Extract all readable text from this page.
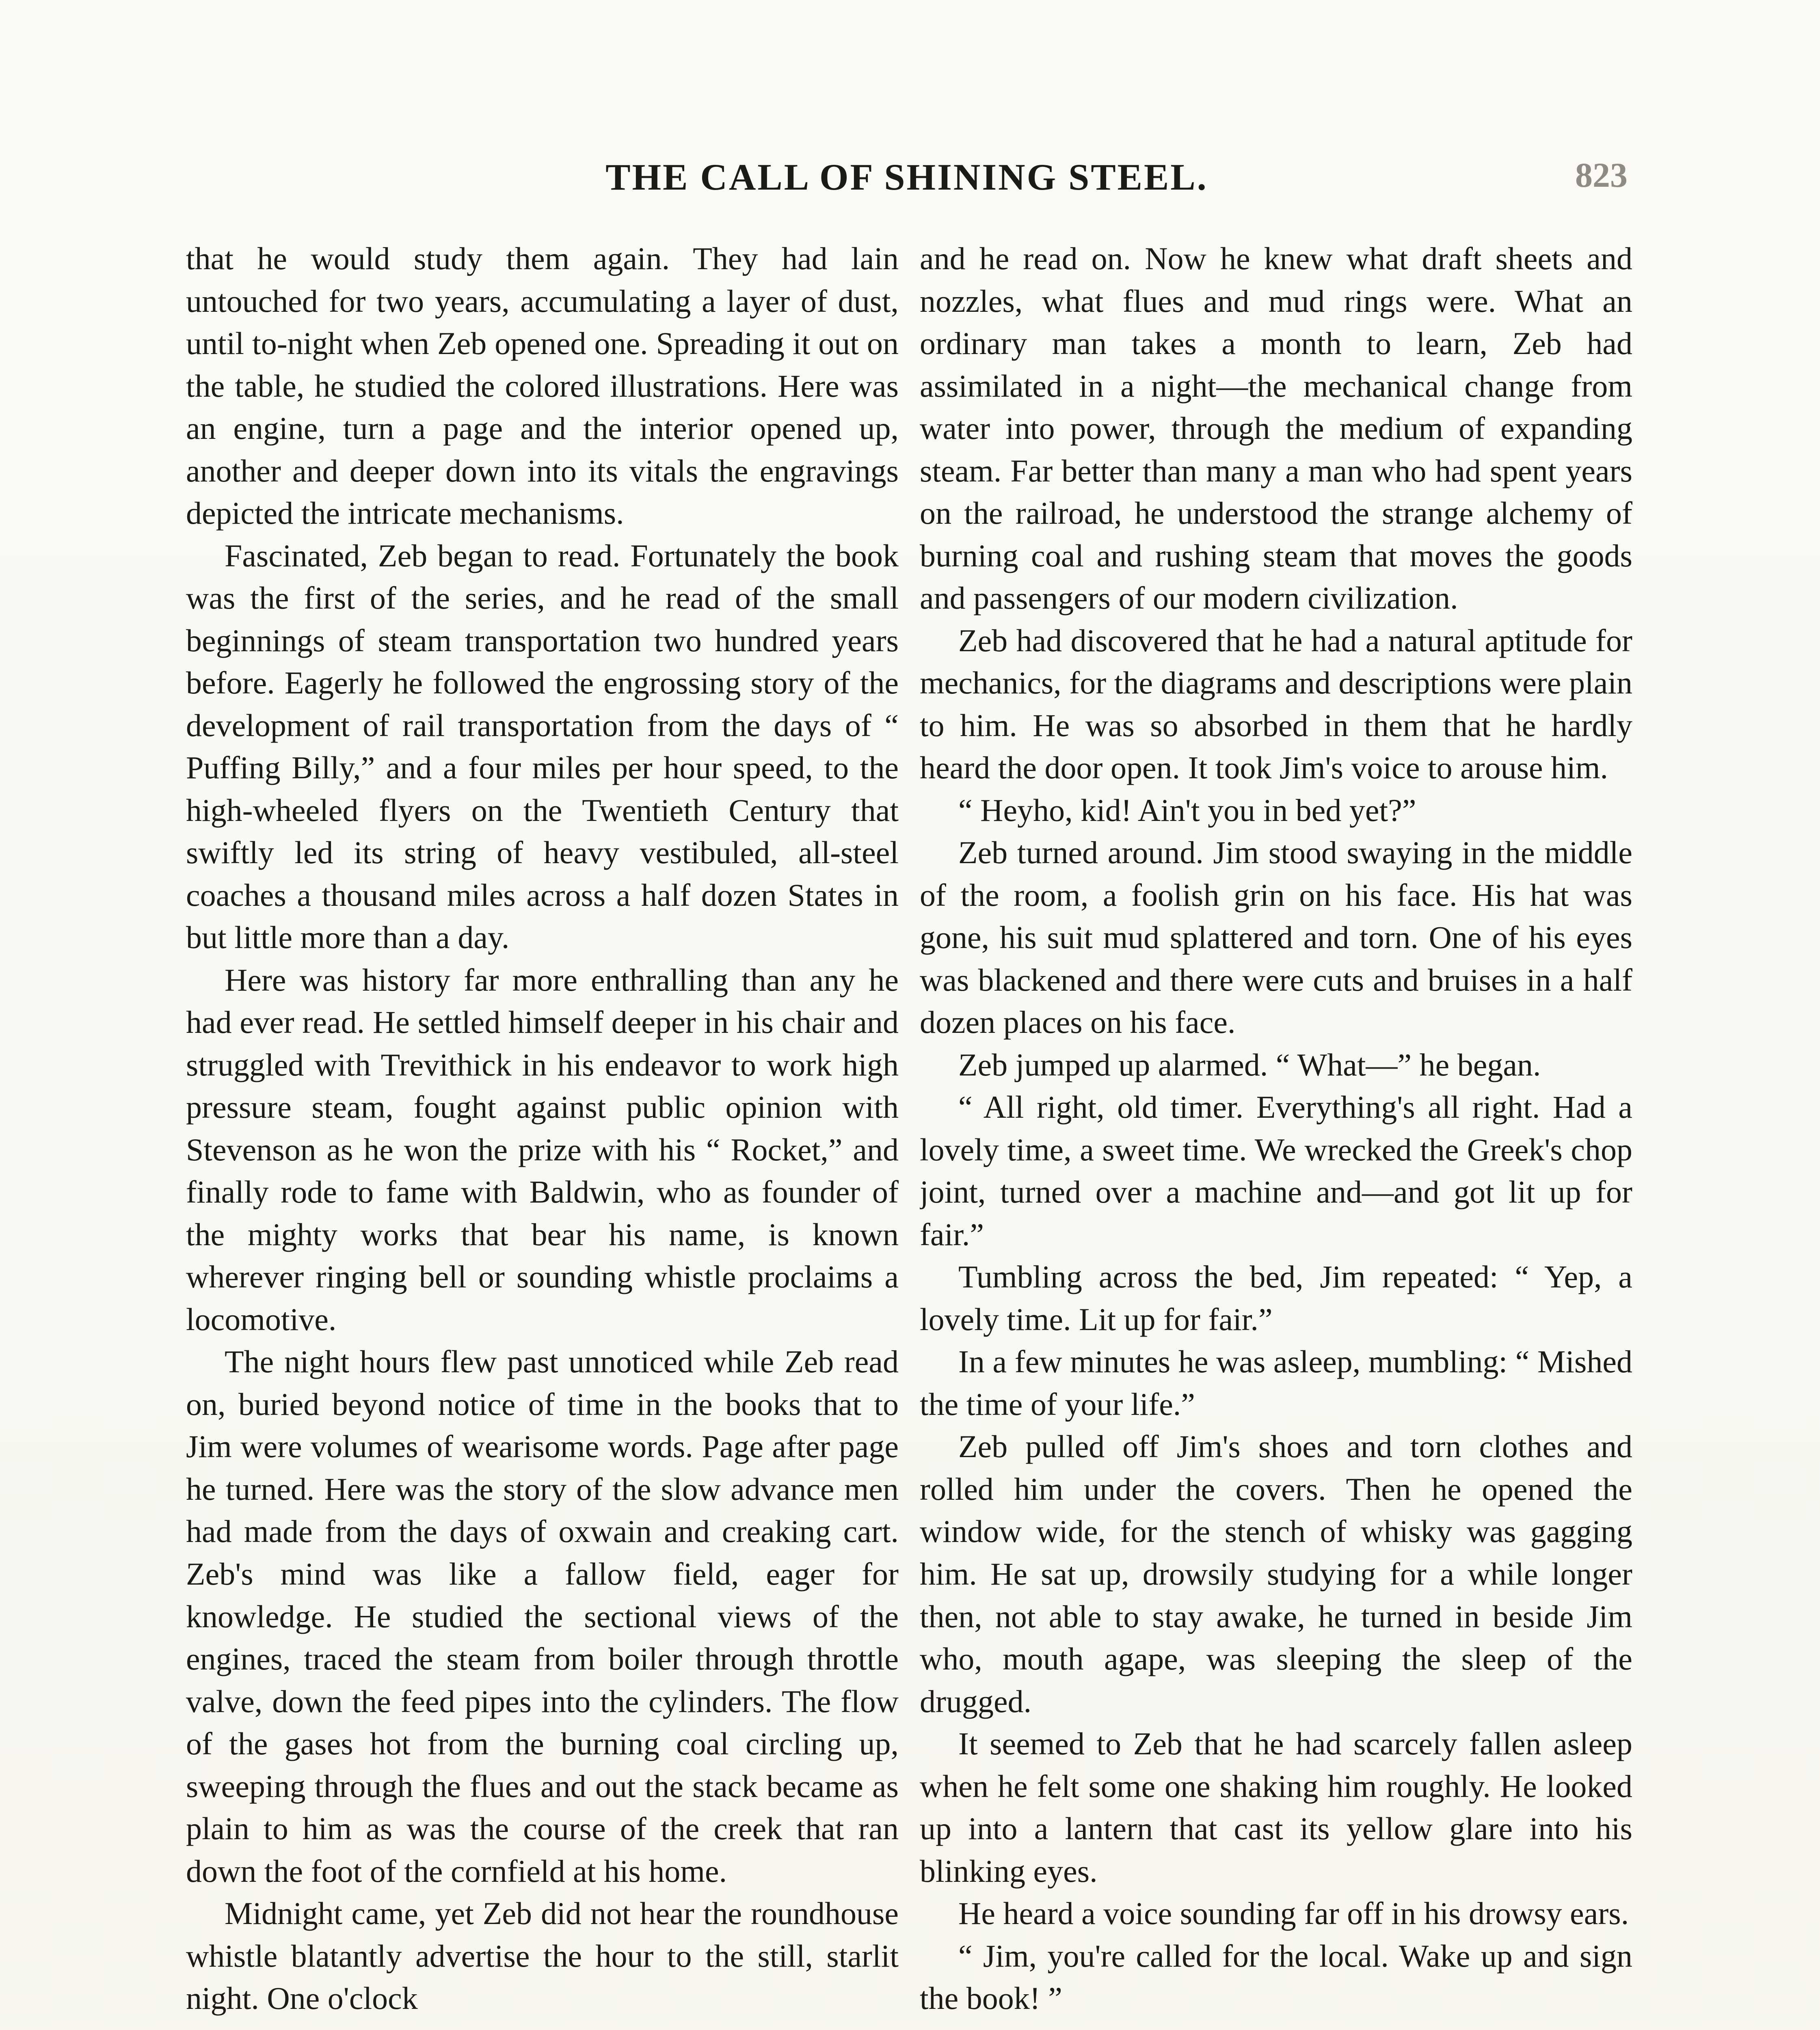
THE CALL OF SHINING STEEL.	823

that he would study them again. They had lain untouched for two years, accumulating a layer of dust, until to-night when Zeb opened one. Spreading it out on the table, he studied the colored illustrations. Here was an engine, turn a page and the interior opened up, another and deeper down into its vitals the engravings depicted the intricate mechanisms.

Fascinated, Zeb began to read. Fortunately the book was the first of the series, and he read of the small beginnings of steam transportation two hundred years before. Eagerly he followed the engrossing story of the development of rail transportation from the days of “ Puffing Billy,” and a four miles per hour speed, to the high-wheeled flyers on the Twentieth Century that swiftly led its string of heavy vestibuled, all-steel coaches a thousand miles across a half dozen States in but little more than a day.

Here was history far more enthralling than any he had ever read. He settled himself deeper in his chair and struggled with Trevithick in his endeavor to work high pressure steam, fought against public opinion with Stevenson as he won the prize with his “ Rocket,” and finally rode to fame with Baldwin, who as founder of the mighty works that bear his name, is known wherever ringing bell or sounding whistle proclaims a locomotive.

The night hours flew past unnoticed while Zeb read on, buried beyond notice of time in the books that to Jim were volumes of wearisome words. Page after page he turned. Here was the story of the slow advance men had made from the days of oxwain and creaking cart. Zeb's mind was like a fallow field, eager for knowledge. He studied the sectional views of the engines, traced the steam from boiler through throttle valve, down the feed pipes into the cylinders. The flow of the gases hot from the burning coal circling up, sweeping through the flues and out the stack became as plain to him as was the course of the creek that ran down the foot of the cornfield at his home.

Midnight came, yet Zeb did not hear the roundhouse whistle blatantly advertise the hour to the still, starlit night. One o'clock

and he read on. Now he knew what draft sheets and nozzles, what flues and mud rings were. What an ordinary man takes a month to learn, Zeb had assimilated in a night—the mechanical change from water into power, through the medium of expanding steam. Far better than many a man who had spent years on the railroad, he understood the strange alchemy of burning coal and rushing steam that moves the goods and passengers of our modern civilization.

Zeb had discovered that he had a natural aptitude for mechanics, for the diagrams and descriptions were plain to him. He was so absorbed in them that he hardly heard the door open. It took Jim's voice to arouse him.

“ Heyho, kid! Ain't you in bed yet?”

Zeb turned around. Jim stood swaying in the middle of the room, a foolish grin on his face. His hat was gone, his suit mud splattered and torn. One of his eyes was blackened and there were cuts and bruises in a half dozen places on his face.

Zeb jumped up alarmed. “ What—” he began.

“ All right, old timer. Everything's all right. Had a lovely time, a sweet time. We wrecked the Greek's chop joint, turned over a machine and—and got lit up for fair.”

Tumbling across the bed, Jim repeated: “ Yep, a lovely time. Lit up for fair.”

In a few minutes he was asleep, mumbling: “ Mished the time of your life.”

Zeb pulled off Jim's shoes and torn clothes and rolled him under the covers. Then he opened the window wide, for the stench of whisky was gagging him. He sat up, drowsily studying for a while longer then, not able to stay awake, he turned in beside Jim who, mouth agape, was sleeping the sleep of the drugged.

It seemed to Zeb that he had scarcely fallen asleep when he felt some one shaking him roughly. He looked up into a lantern that cast its yellow glare into his blinking eyes.

He heard a voice sounding far off in his drowsy ears.

“ Jim, you're called for the local. Wake up and sign the book! ”
